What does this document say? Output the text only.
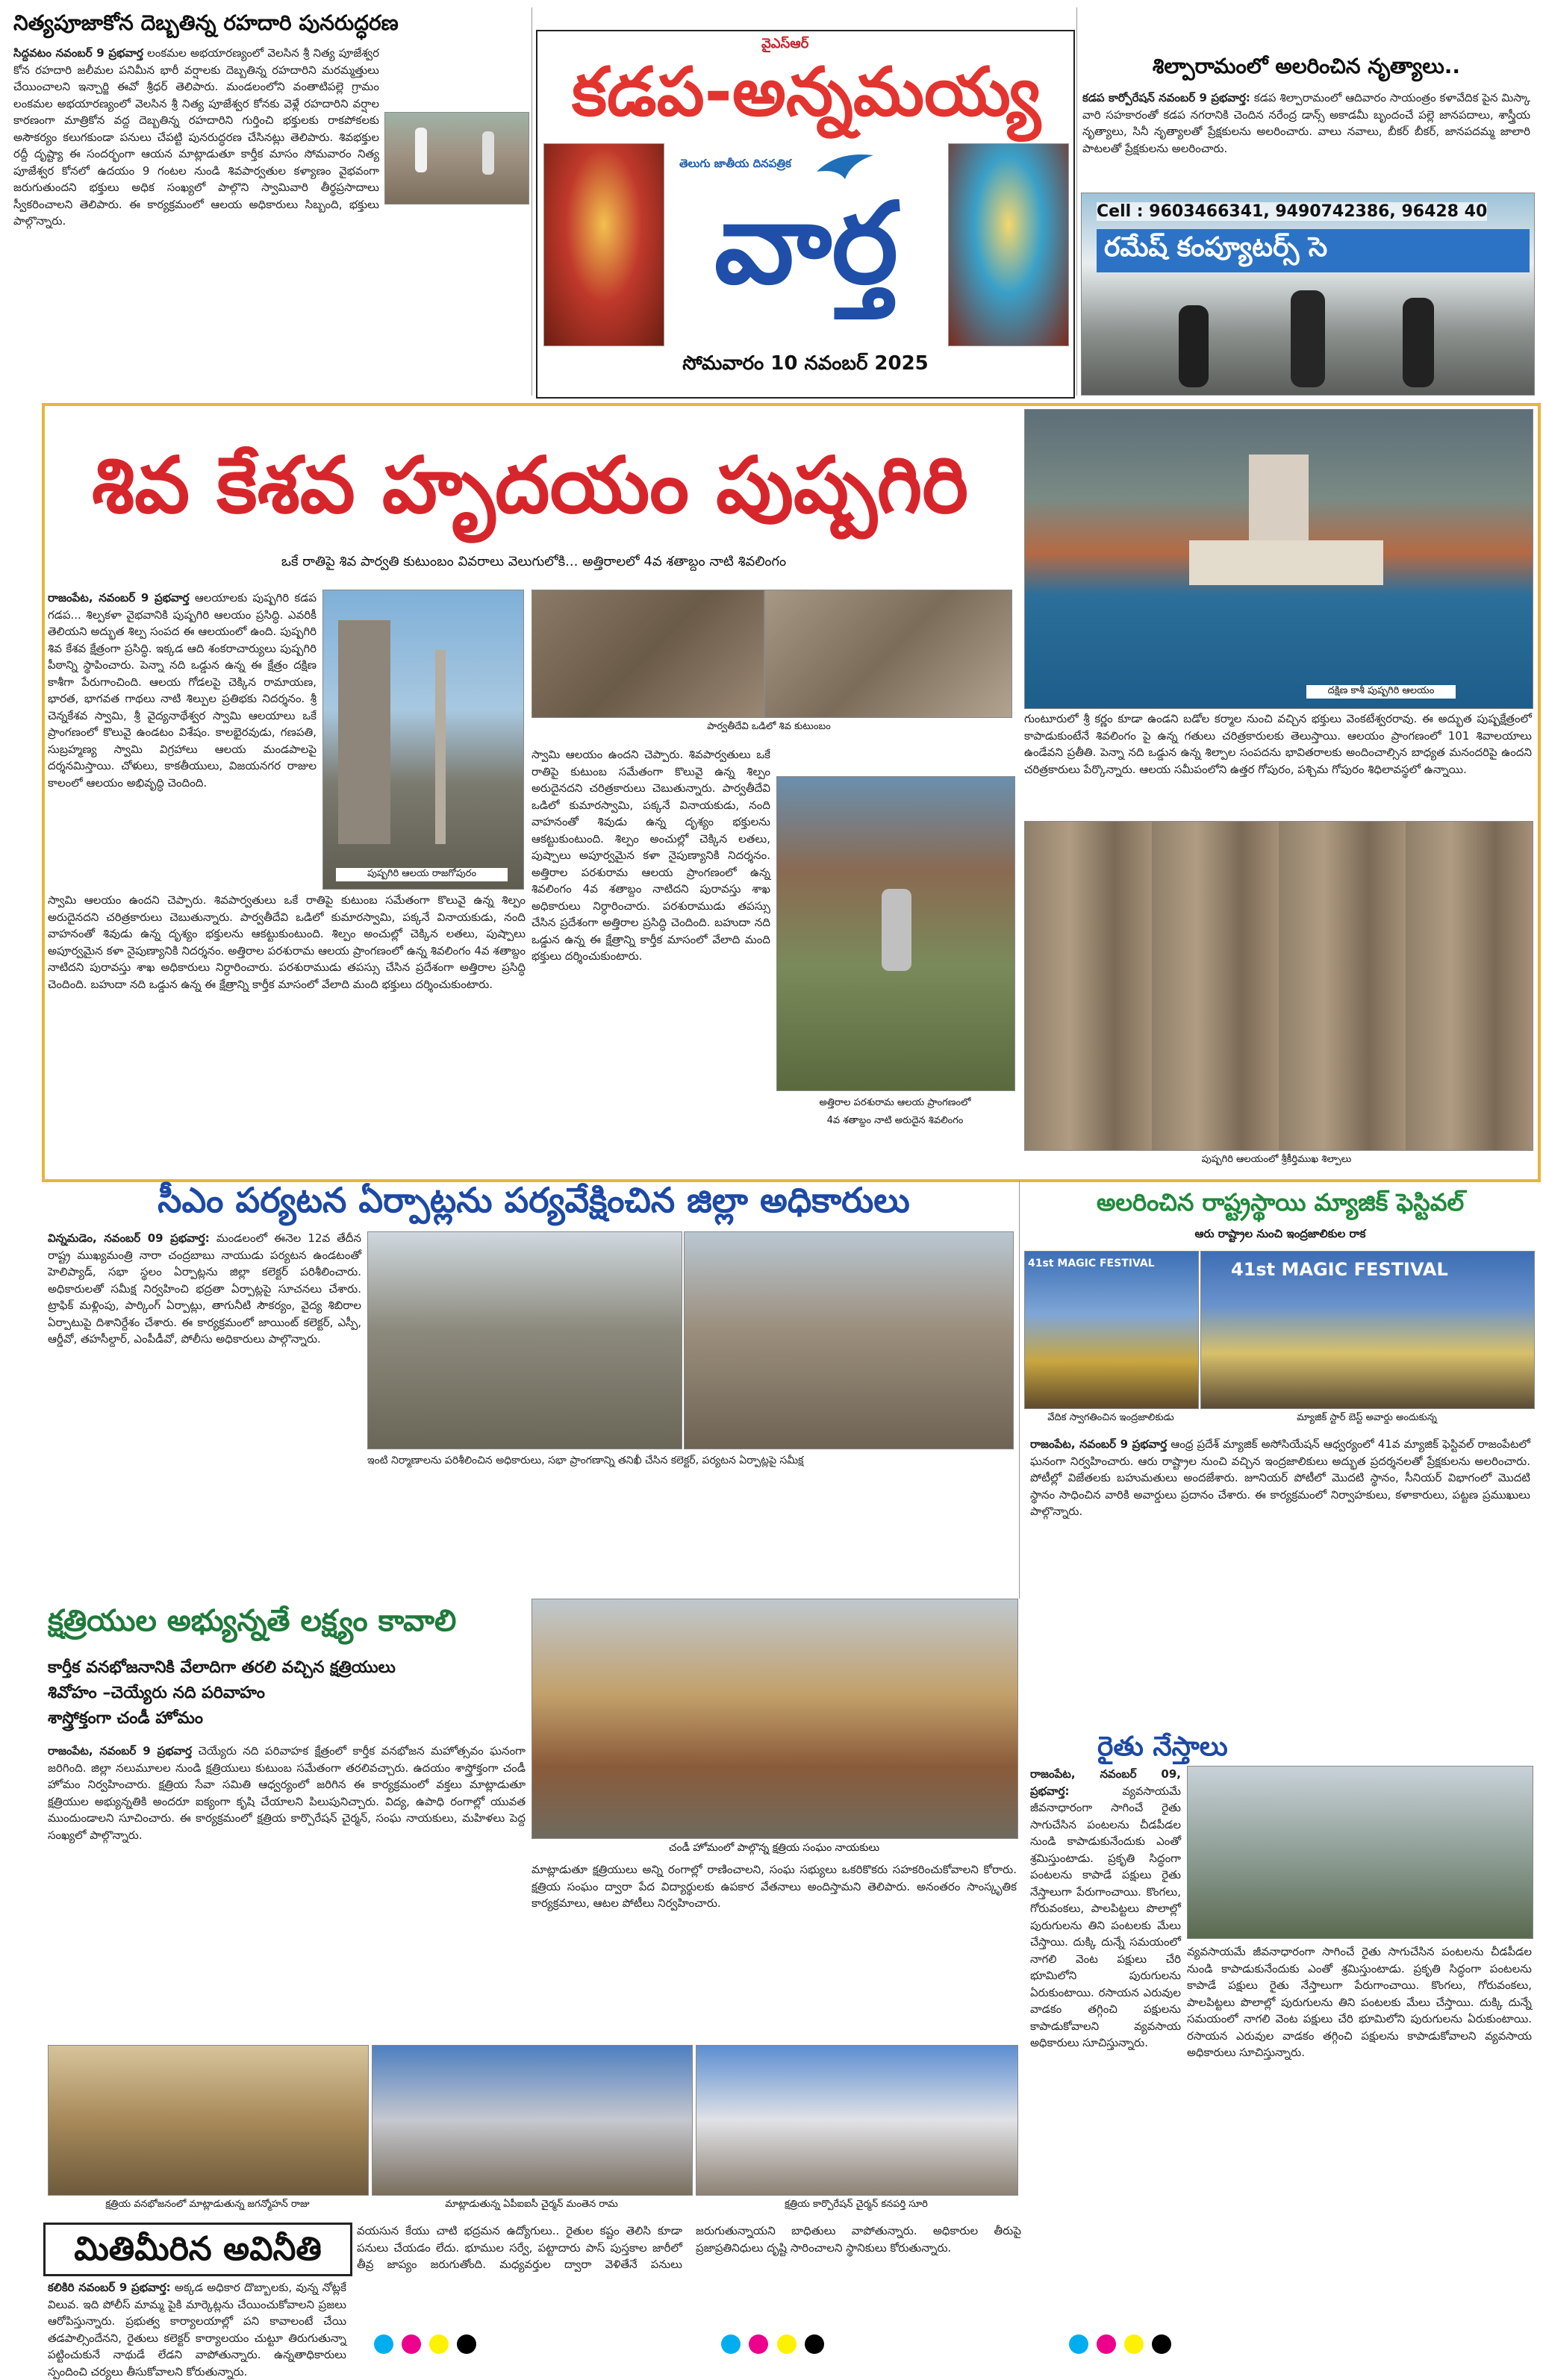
నిత్యపూజాకోన దెబ్బతిన్న రహదారి పునరుద్ధరణ
సిద్దవటం నవంబర్ 9 ప్రభవార్త లంకమల అభయారణ్యంలో వెలసిన శ్రీ నిత్య పూజేశ్వర కోన రహదారి జలీమల పనిమీన భారీ వర్షాలకు దెబ్బతిన్న రహదారిని మరమ్మత్తులు చేయించాలని ఇన్చార్జి ఈవో శ్రీధర్ తెలిపారు. మండలంలోని వంతాటిపల్లె గ్రామం లంకమల అభయారణ్యంలో వెలసిన శ్రీ నిత్య పూజేశ్వర కోనకు వెళ్లే రహదారిని వర్షాల కారణంగా మాత్రికోన వద్ద దెబ్బతిన్న రహదారిని గుర్తించి భక్తులకు రాకపోకలకు అసౌకర్యం కలుగకుండా పనులు చేపట్టి పునరుద్ధరణ చేసినట్లు తెలిపారు. శివభక్తుల రద్దీ దృష్ట్యా ఈ సందర్భంగా ఆయన మాట్లాడుతూ కార్తీక మాసం సోమవారం నిత్య పూజేశ్వర కోనలో ఉదయం 9 గంటల నుండి శివపార్వతుల కళ్యాణం వైభవంగా జరుగుతుందని భక్తులు అధిక సంఖ్యలో పాల్గొని స్వామివారి తీర్థప్రసాదాలు స్వీకరించాలని తెలిపారు. ఈ కార్యక్రమంలో ఆలయ అధికారులు సిబ్బంది, భక్తులు పాల్గొన్నారు.
వైఎస్ఆర్
కడప-అన్నమయ్య
తెలుగు జాతీయ దినపత్రిక
వార్త
సోమవారం 10 నవంబర్ 2025
శిల్పారామంలో అలరించిన నృత్యాలు..
కడప కార్పోరేషన్ నవంబర్ 9 ప్రభవార్త: కడప శిల్పారామంలో ఆదివారం సాయంత్రం కళావేదిక పైన మిస్కా వారి సహకారంతో కడప నగరానికి చెందిన నరేంద్ర డాన్స్ అకాడమీ బృందంచే పల్లె జానపదాలు, శాస్త్రీయ నృత్యాలు, సినీ నృత్యాలతో ప్రేక్షకులను అలరించారు. వాలు నవాలు, బీకర్ బీకర్, జానపదమ్మ జాలారి పాటలతో ప్రేక్షకులను అలరించారు.
Cell : 9603466341, 9490742386, 96428 40
రమేష్ కంప్యూటర్స్ సె
శివ కేశవ హృదయం పుష్పగిరి
ఒకే రాతిపై శివ పార్వతి కుటుంబం వివరాలు వెలుగులోకి... అత్తిరాలలో 4వ శతాబ్దం నాటి శివలింగం
దక్షిణ కాశీ పుష్పగిరి ఆలయం
రాజంపేట, నవంబర్ 9 ప్రభవార్త ఆలయాలకు పుష్పగిరి కడప గడప... శిల్పకళా వైభవానికి పుష్పగిరి ఆలయం ప్రసిద్ధి. ఎవరికీ తెలియని అద్భుత శిల్ప సంపద ఈ ఆలయంలో ఉంది. పుష్పగిరి శివ కేశవ క్షేత్రంగా ప్రసిద్ధి. ఇక్కడ ఆది శంకరాచార్యులు పుష్పగిరి పీఠాన్ని స్థాపించారు. పెన్నా నది ఒడ్డున ఉన్న ఈ క్షేత్రం దక్షిణ కాశీగా పేరుగాంచింది. ఆలయ గోడలపై చెక్కిన రామాయణ, భారత, భాగవత గాథలు నాటి శిల్పుల ప్రతిభకు నిదర్శనం. శ్రీ చెన్నకేశవ స్వామి, శ్రీ వైద్యనాథేశ్వర స్వామి ఆలయాలు ఒకే ప్రాంగణంలో కొలువై ఉండటం విశేషం. కాలభైరవుడు, గణపతి, సుబ్రహ్మణ్య స్వామి విగ్రహాలు ఆలయ మండపాలపై దర్శనమిస్తాయి. చోళులు, కాకతీయులు, విజయనగర రాజుల కాలంలో ఆలయం అభివృద్ధి చెందింది.
పుష్పగిరి ఆలయ రాజగోపురం
స్వామి ఆలయం ఉందని చెప్పారు. శివపార్వతులు ఒకే రాతిపై కుటుంబ సమేతంగా కొలువై ఉన్న శిల్పం అరుదైనదని చరిత్రకారులు చెబుతున్నారు. పార్వతీదేవి ఒడిలో కుమారస్వామి, పక్కనే వినాయకుడు, నంది వాహనంతో శివుడు ఉన్న దృశ్యం భక్తులను ఆకట్టుకుంటుంది. శిల్పం అంచుల్లో చెక్కిన లతలు, పుష్పాలు అపూర్వమైన కళా నైపుణ్యానికి నిదర్శనం. అత్తిరాల పరశురామ ఆలయ ప్రాంగణంలో ఉన్న శివలింగం 4వ శతాబ్దం నాటిదని పురావస్తు శాఖ అధికారులు నిర్ధారించారు. పరశురాముడు తపస్సు చేసిన ప్రదేశంగా అత్తిరాల ప్రసిద్ధి చెందింది. బహుదా నది ఒడ్డున ఉన్న ఈ క్షేత్రాన్ని కార్తీక మాసంలో వేలాది మంది భక్తులు దర్శించుకుంటారు.
పార్వతీదేవి ఒడిలో శివ కుటుంబం
స్వామి ఆలయం ఉందని చెప్పారు. శివపార్వతులు ఒకే రాతిపై కుటుంబ సమేతంగా కొలువై ఉన్న శిల్పం అరుదైనదని చరిత్రకారులు చెబుతున్నారు. పార్వతీదేవి ఒడిలో కుమారస్వామి, పక్కనే వినాయకుడు, నంది వాహనంతో శివుడు ఉన్న దృశ్యం భక్తులను ఆకట్టుకుంటుంది. శిల్పం అంచుల్లో చెక్కిన లతలు, పుష్పాలు అపూర్వమైన కళా నైపుణ్యానికి నిదర్శనం. అత్తిరాల పరశురామ ఆలయ ప్రాంగణంలో ఉన్న శివలింగం 4వ శతాబ్దం నాటిదని పురావస్తు శాఖ అధికారులు నిర్ధారించారు. పరశురాముడు తపస్సు చేసిన ప్రదేశంగా అత్తిరాల ప్రసిద్ధి చెందింది. బహుదా నది ఒడ్డున ఉన్న ఈ క్షేత్రాన్ని కార్తీక మాసంలో వేలాది మంది భక్తులు దర్శించుకుంటారు.
అత్తిరాల పరశురామ ఆలయ ప్రాంగణంలో
4వ శతాబ్దం నాటి అరుదైన శివలింగం
గుంటూరులో శ్రీ కర్ణం కూడా ఉండని బడోల కర్మాల నుంచి వచ్చిన భక్తులు వెంకటేశ్వరరావు. ఈ అద్భుత పుష్పక్షేత్రంలో కాపాడుకుంటేనే శివలింగం పై ఉన్న గతులు చరిత్రకారులకు తెలుస్తాయి. ఆలయం ప్రాంగణంలో 101 శివాలయాలు ఉండేవని ప్రతీతి. పెన్నా నది ఒడ్డున ఉన్న శిల్పాల సంపదను భావితరాలకు అందించాల్సిన బాధ్యత మనందరిపై ఉందని చరిత్రకారులు పేర్కొన్నారు. ఆలయ సమీపంలోని ఉత్తర గోపురం, పశ్చిమ గోపురం శిధిలావస్థలో ఉన్నాయి.
పుష్పగిరి ఆలయంలో శ్రీకీర్తిముఖ శిల్పాలు
సీఎం పర్యటన ఏర్పాట్లను పర్యవేక్షించిన జిల్లా అధికారులు
విన్నమడెం, నవంబర్ 09 ప్రభవార్త: మండలంలో ఈనెల 12వ తేదీన రాష్ట్ర ముఖ్యమంత్రి నారా చంద్రబాబు నాయుడు పర్యటన ఉండటంతో హెలిప్యాడ్, సభా స్థలం ఏర్పాట్లను జిల్లా కలెక్టర్ పరిశీలించారు. అధికారులతో సమీక్ష నిర్వహించి భద్రతా ఏర్పాట్లపై సూచనలు చేశారు. ట్రాఫిక్ మళ్లింపు, పార్కింగ్ ఏర్పాట్లు, తాగునీటి సౌకర్యం, వైద్య శిబిరాల ఏర్పాటుపై దిశానిర్దేశం చేశారు. ఈ కార్యక్రమంలో జాయింట్ కలెక్టర్, ఎస్పీ, ఆర్డీవో, తహసీల్దార్, ఎంపీడీవో, పోలీసు అధికారులు పాల్గొన్నారు.
ఇంటి నిర్మాణాలను పరిశీలించిన అధికారులు, సభా ప్రాంగణాన్ని తనిఖీ చేసిన కలెక్టర్, పర్యటన ఏర్పాట్లపై సమీక్ష
అలరించిన రాష్ట్రస్థాయి మ్యాజిక్ ఫెస్టివల్
ఆరు రాష్ట్రాల నుంచి ఇంద్రజాలికుల రాక
41st MAGIC FESTIVAL	41st MAGIC FESTIVAL
వేదిక స్వాగతించిన ఇంద్రజాలికుడు	మ్యాజిక్ స్టార్ బెస్ట్ అవార్డు అందుకున్న
రాజంపేట, నవంబర్ 9 ప్రభవార్త ఆంధ్ర ప్రదేశ్ మ్యాజిక్ అసోసియేషన్ ఆధ్వర్యంలో 41వ మ్యాజిక్ ఫెస్టివల్ రాజంపేటలో ఘనంగా నిర్వహించారు. ఆరు రాష్ట్రాల నుంచి వచ్చిన ఇంద్రజాలికులు అద్భుత ప్రదర్శనలతో ప్రేక్షకులను అలరించారు. పోటీల్లో విజేతలకు బహుమతులు అందజేశారు. జూనియర్ పోటీలో మొదటి స్థానం, సీనియర్ విభాగంలో మొదటి స్థానం సాధించిన వారికి అవార్డులు ప్రదానం చేశారు. ఈ కార్యక్రమంలో నిర్వాహకులు, కళాకారులు, పట్టణ ప్రముఖులు పాల్గొన్నారు.
క్షత్రియుల అభ్యున్నతే లక్ష్యం కావాలి
కార్తీక వనభోజనానికి వేలాదిగా తరలి వచ్చిన క్షత్రియులు
శివోహం –చెయ్యేరు నది పరివాహం
శాస్త్రోక్తంగా చండీ హోమం
రాజంపేట, నవంబర్ 9 ప్రభవార్త చెయ్యేరు నది పరివాహక క్షేత్రంలో కార్తీక వనభోజన మహోత్సవం ఘనంగా జరిగింది. జిల్లా నలుమూలల నుండి క్షత్రియులు కుటుంబ సమేతంగా తరలివచ్చారు. ఉదయం శాస్త్రోక్తంగా చండీ హోమం నిర్వహించారు. క్షత్రియ సేవా సమితి ఆధ్వర్యంలో జరిగిన ఈ కార్యక్రమంలో వక్తలు మాట్లాడుతూ క్షత్రియుల అభ్యున్నతికి అందరూ ఐక్యంగా కృషి చేయాలని పిలుపునిచ్చారు. విద్య, ఉపాధి రంగాల్లో యువత ముందుండాలని సూచించారు. ఈ కార్యక్రమంలో క్షత్రియ కార్పొరేషన్ చైర్మన్, సంఘ నాయకులు, మహిళలు పెద్ద సంఖ్యలో పాల్గొన్నారు.
చండీ హోమంలో పాల్గొన్న క్షత్రియ సంఘం నాయకులు
మాట్లాడుతూ క్షత్రియులు అన్ని రంగాల్లో రాణించాలని, సంఘ సభ్యులు ఒకరికొకరు సహకరించుకోవాలని కోరారు. క్షత్రియ సంఘం ద్వారా పేద విద్యార్థులకు ఉపకార వేతనాలు అందిస్తామని తెలిపారు. అనంతరం సాంస్కృతిక కార్యక్రమాలు, ఆటల పోటీలు నిర్వహించారు.
క్షత్రియ వనభోజనంలో మాట్లాడుతున్న జగన్మోహన్ రాజు	మాట్లాడుతున్న ఏపీఐఐసీ చైర్మన్ మంతెన రామ	క్షత్రియ కార్పొరేషన్ చైర్మన్ కనపర్తి సూరి
రైతు నేస్తాలు
రాజంపేట, నవంబర్ 09, ప్రభవార్త:	వ్యవసాయమే జీవనాధారంగా సాగించే రైతు సాగుచేసిన పంటలను చీడపీడల నుండి కాపాడుకునేందుకు ఎంతో శ్రమిస్తుంటాడు. ప్రకృతి సిద్ధంగా పంటలను కాపాడే పక్షులు రైతు నేస్తాలుగా పేరుగాంచాయి. కొంగలు, గోరువంకలు, పాలపిట్టలు పొలాల్లో పురుగులను తిని పంటలకు మేలు చేస్తాయి. దుక్కి దున్నే సమయంలో నాగలి వెంట పక్షులు చేరి భూమిలోని పురుగులను ఏరుకుంటాయి. రసాయన ఎరువుల వాడకం తగ్గించి పక్షులను కాపాడుకోవాలని వ్యవసాయ అధికారులు సూచిస్తున్నారు.
వ్యవసాయమే జీవనాధారంగా సాగించే రైతు సాగుచేసిన పంటలను చీడపీడల నుండి కాపాడుకునేందుకు ఎంతో శ్రమిస్తుంటాడు. ప్రకృతి సిద్ధంగా పంటలను కాపాడే పక్షులు రైతు నేస్తాలుగా పేరుగాంచాయి. కొంగలు, గోరువంకలు, పాలపిట్టలు పొలాల్లో పురుగులను తిని పంటలకు మేలు చేస్తాయి. దుక్కి దున్నే సమయంలో నాగలి వెంట పక్షులు చేరి భూమిలోని పురుగులను ఏరుకుంటాయి. రసాయన ఎరువుల వాడకం తగ్గించి పక్షులను కాపాడుకోవాలని వ్యవసాయ అధికారులు సూచిస్తున్నారు.
మితిమీరిన అవినీతి
కలికిరి నవంబర్ 9 ప్రభవార్త: అక్కడ అధికార దొబ్బాలకు, వున్న నోట్లకే విలువ. ఇది పోలీస్ మామ్మ పైకి మార్కెట్లను చేయించుకోవాలని ప్రజలు ఆరోపిస్తున్నారు. ప్రభుత్వ కార్యాలయాల్లో పని కావాలంటే చేయి తడపాల్సిందేనని, రైతులు కలెక్టర్ కార్యాలయం చుట్టూ తిరుగుతున్నా పట్టించుకునే నాథుడే లేడని వాపోతున్నారు. ఉన్నతాధికారులు స్పందించి చర్యలు తీసుకోవాలని కోరుతున్నారు.
వయసున కేయు చాటి భద్రమన ఉద్యోగులు.. రైతుల కష్టం తెలిసి కూడా పనులు చేయడం లేదు. భూముల సర్వే, పట్టాదారు పాస్ పుస్తకాల జారీలో తీవ్ర జాప్యం జరుగుతోంది. మధ్యవర్తుల ద్వారా వెళితేనే పనులు జరుగుతున్నాయని బాధితులు వాపోతున్నారు. అధికారుల తీరుపై ప్రజాప్రతినిధులు దృష్టి సారించాలని స్థానికులు కోరుతున్నారు.
